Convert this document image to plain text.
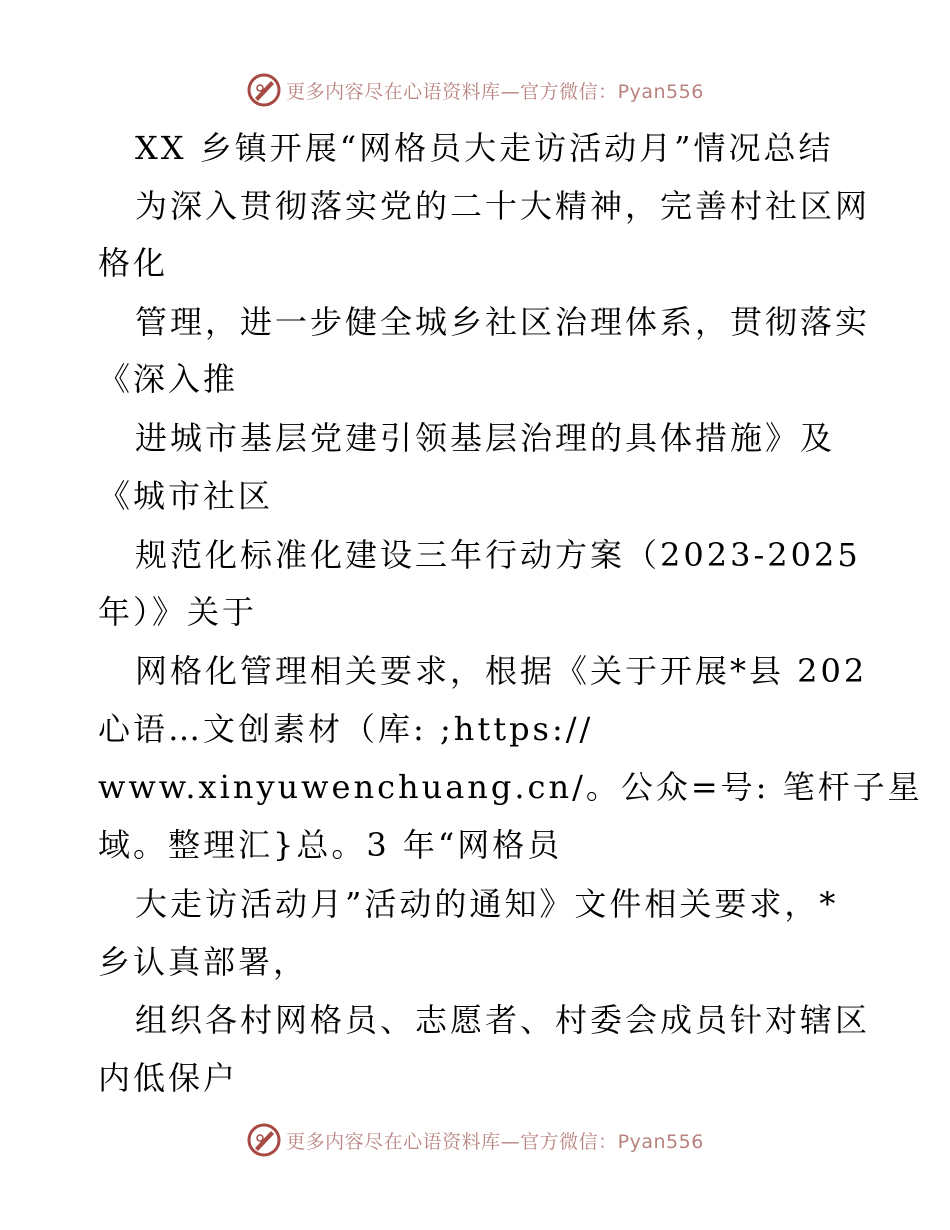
更多内容尽在心语资料库—官方微信：Pyan556
XX 乡镇开展“网格员大走访活动月”情况总结
为深入贯彻落实党的二十大精神，完善村社区网
格化
管理，进一步健全城乡社区治理体系，贯彻落实
《深入推
进城市基层党建引领基层治理的具体措施》及
《城市社区
规范化标准化建设三年行动方案（2023-2025
年）》关于
网格化管理相关要求，根据《关于开展*县 202
心语…文创素材（库: ;https://
www.xinyuwenchuang.cn/。公众=号: 笔杆子星
域。整理汇}总。3 年“网格员
大走访活动月”活动的通知》文件相关要求，*
乡认真部署，
组织各村网格员、志愿者、村委会成员针对辖区
内低保户
更多内容尽在心语资料库—官方微信：Pyan556
